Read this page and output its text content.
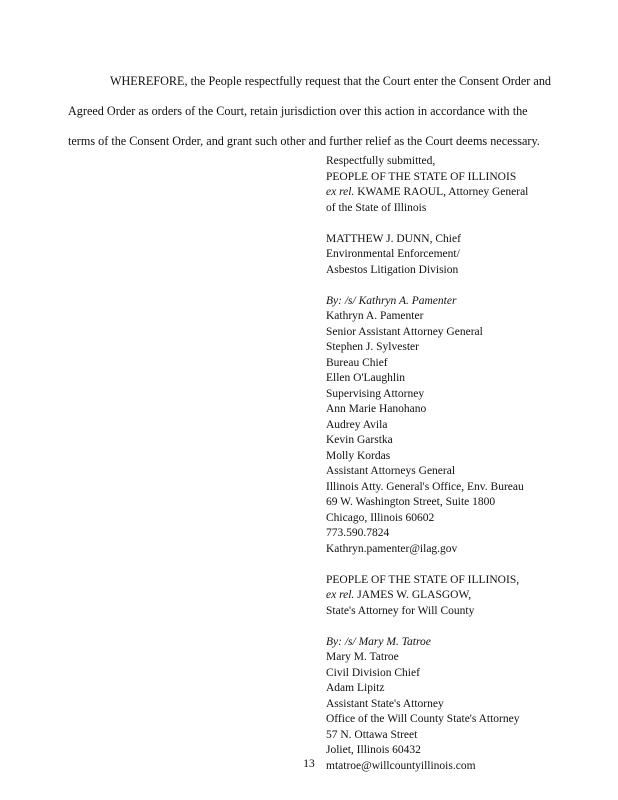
WHEREFORE, the People respectfully request that the Court enter the Consent Order and
Agreed Order as orders of the Court, retain jurisdiction over this action in accordance with the
terms of the Consent Order, and grant such other and further relief as the Court deems necessary.
Respectfully submitted,
PEOPLE OF THE STATE OF ILLINOIS
ex rel. KWAME RAOUL, Attorney General
of the State of Illinois
MATTHEW J. DUNN, Chief
Environmental Enforcement/
Asbestos Litigation Division
By: /s/ Kathryn A. Pamenter
Kathryn A. Pamenter
Senior Assistant Attorney General
Stephen J. Sylvester
Bureau Chief
Ellen O'Laughlin
Supervising Attorney
Ann Marie Hanohano
Audrey Avila
Kevin Garstka
Molly Kordas
Assistant Attorneys General
Illinois Atty. General's Office, Env. Bureau
69 W. Washington Street, Suite 1800
Chicago, Illinois 60602
773.590.7824
Kathryn.pamenter@ilag.gov
PEOPLE OF THE STATE OF ILLINOIS,
ex rel. JAMES W. GLASGOW,
State's Attorney for Will County
By: /s/ Mary M. Tatroe
Mary M. Tatroe
Civil Division Chief
Adam Lipitz
Assistant State's Attorney
Office of the Will County State's Attorney
57 N. Ottawa Street
Joliet, Illinois 60432
mtatroe@willcountyillinois.com
13
